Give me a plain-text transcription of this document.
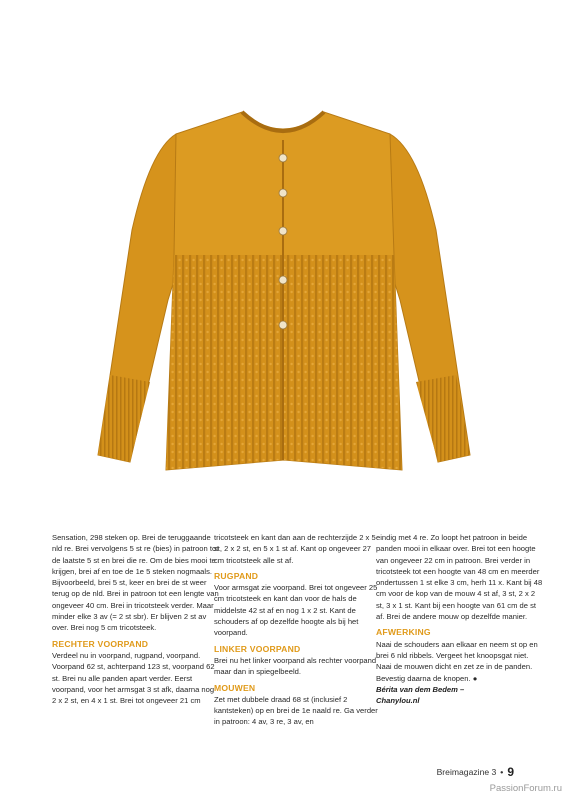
Sensation, 298 steken op. Brei de teruggaande nld re. Brei vervolgens 5 st re (bies) in patroon tot de laatste 5 st en brei die re. Om de bies mooi te krijgen, brei af en toe de 1e 5 steken nogmaals. Bijvoorbeeld, brei 5 st, keer en brei de st weer terug op de nld. Brei in patroon tot een lengte van ongeveer 40 cm. Brei in tricotsteek verder. Maar minder elke 3 av (= 2 st sbr). Er blijven 2 st av over. Brei nog 5 cm tricotsteek.

RECHTER VOORPAND

Verdeel nu in voorpand, rugpand, voorpand. Voorpand 62 st, achterpand 123 st, voorpand 62 st. Brei nu alle panden apart verder. Eerst voorpand, voor het armsgat 3 st afk, daarna nog 2 x 2 st, en 4 x 1 st. Brei tot ongeveer 21 cm

tricotsteek en kant dan aan de rechterzijde 2 x 5 st, 2 x 2 st, en 5 x 1 st af. Kant op ongeveer 27 cm tricotsteek alle st af.

RUGPAND

Voor armsgat zie voorpand. Brei tot ongeveer 25 cm tricotsteek en kant dan voor de hals de middelste 42 st af en nog 1 x 2 st. Kant de schouders af op dezelfde hoogte als bij het voorpand.

LINKER VOORPAND

Brei nu het linker voorpand als rechter voorpand maar dan in spiegelbeeld.

MOUWEN

Zet met dubbele draad 68 st (inclusief 2 kantsteken) op en brei de 1e naald re. Ga verder in patroon: 4 av, 3 re, 3 av, en

eindig met 4 re. Zo loopt het patroon in beide panden mooi in elkaar over. Brei tot een hoogte van ongeveer 22 cm in patroon. Brei verder in tricotsteek tot een hoogte van 48 cm en meerder ondertussen 1 st elke 3 cm, herh 11 x. Kant bij 48 cm voor de kop van de mouw 4 st af, 3 st, 2 x 2 st, 3 x 1 st. Kant bij een hoogte van 61 cm de st af. Brei de andere mouw op dezelfde manier.

AFWERKING

Naai de schouders aan elkaar en neem st op en brei 6 nld ribbels. Vergeet het knoopsgat niet. Naai de mouwen dicht en zet ze in de panden. Bevestig daarna de knopen. ●

Bérita van dem Bedem –
Chanylou.nl

Breimagazine 3 • 9
PassionForum.ru
